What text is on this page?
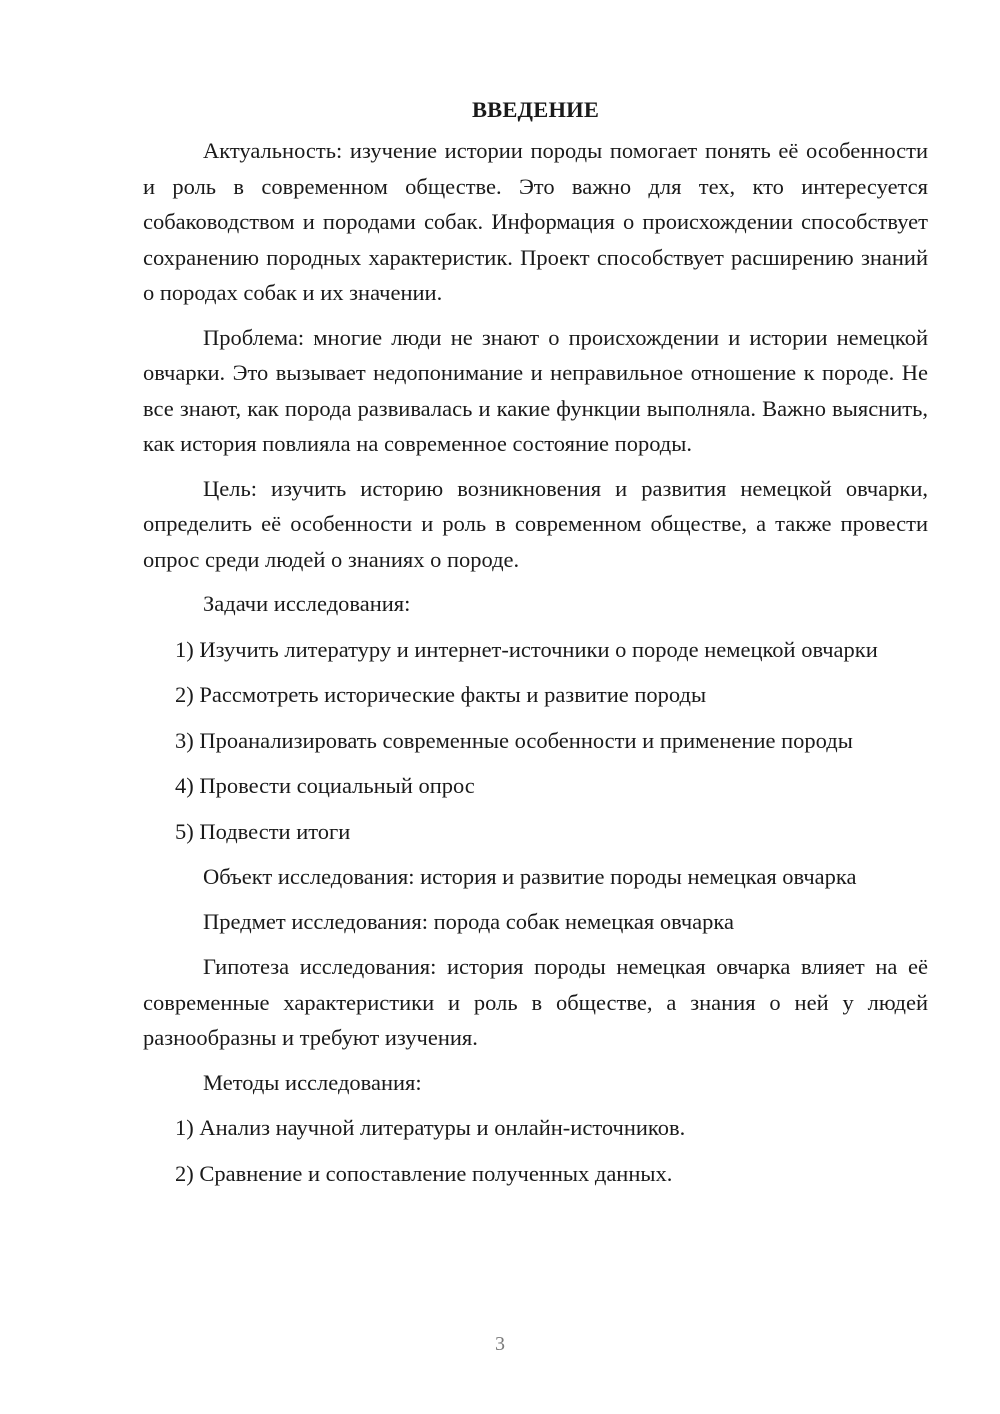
ВВЕДЕНИЕ

Актуальность: изучение истории породы помогает понять её особенности и роль в современном обществе. Это важно для тех, кто интересуется собаководством и породами собак. Информация о происхождении способствует сохранению породных характеристик. Проект способствует расширению знаний о породах собак и их значении.

Проблема: многие люди не знают о происхождении и истории немецкой овчарки. Это вызывает недопонимание и неправильное отношение к породе. Не все знают, как порода развивалась и какие функции выполняла. Важно выяснить, как история повлияла на современное состояние породы.

Цель: изучить историю возникновения и развития немецкой овчарки, определить её особенности и роль в современном обществе, а также провести опрос среди людей о знаниях о породе.

Задачи исследования:

1) Изучить литературу и интернет-источники о породе немецкой овчарки

2) Рассмотреть исторические факты и развитие породы

3) Проанализировать современные особенности и применение породы

4) Провести социальный опрос

5) Подвести итоги

Объект исследования: история и развитие породы немецкая овчарка

Предмет исследования: порода собак немецкая овчарка

Гипотеза исследования: история породы немецкая овчарка влияет на её современные характеристики и роль в обществе, а знания о ней у людей разнообразны и требуют изучения.

Методы исследования:

1) Анализ научной литературы и онлайн-источников.

2) Сравнение и сопоставление полученных данных.

3
